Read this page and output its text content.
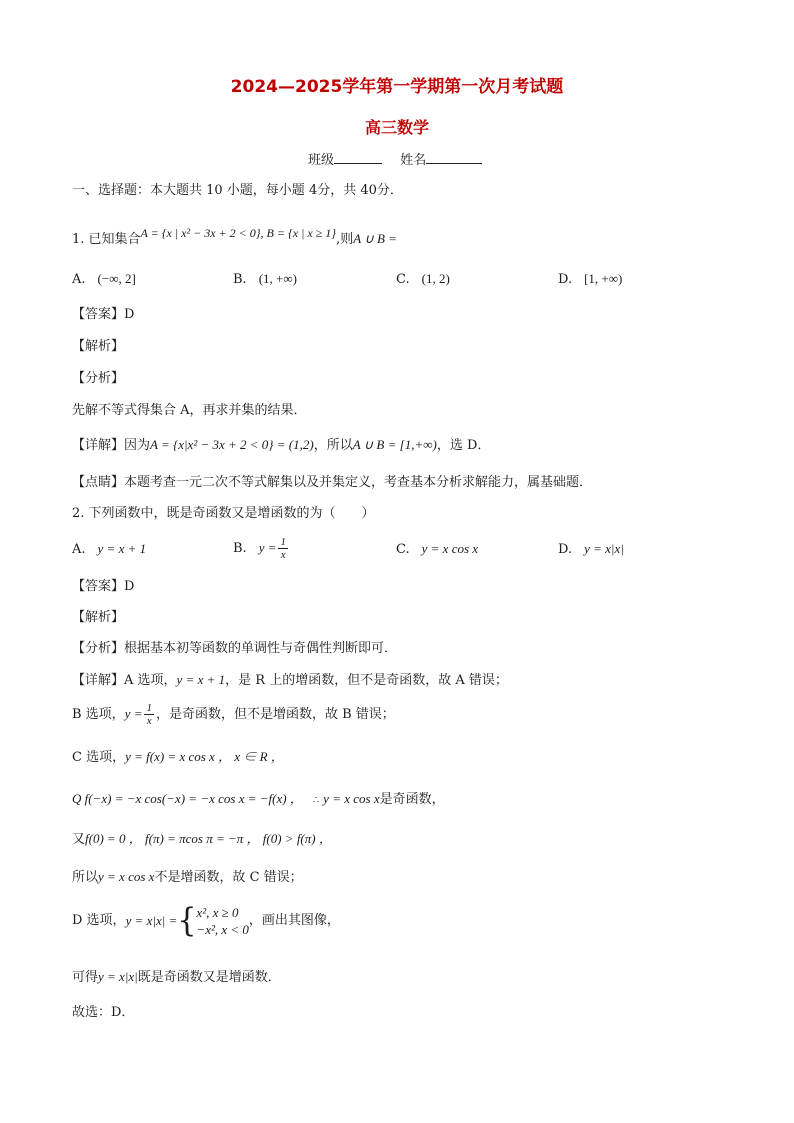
2024—2025学年第一学期第一次月考试题
高三数学
班级	姓名
一、选择题：本大题共 10 小题，每小题 4分，共 40分．
1. 已知集合A = {x | x² − 3x + 2 < 0}, B = {x | x ≥ 1},则A ∪ B =
A. (−∞, 2]	B. (1, +∞)	C. (1, 2)	D. [1, +∞)
【答案】D
【解析】
【分析】
先解不等式得集合 A，再求并集的结果．
【详解】因为A = {x|x² − 3x + 2 < 0} = (1,2)，所以A ∪ B = [1,+∞)，选 D．
【点睛】本题考查一元二次不等式解集以及并集定义，考查基本分析求解能力，属基础题．
2. 下列函数中，既是奇函数又是增函数的为（　　）
A. y = x + 1	B. $y = \frac{1}{x}$	C. y = x cos x	D. y = x|x|
【答案】D
【解析】
【分析】根据基本初等函数的单调性与奇偶性判断即可．
【详解】A 选项，y = x + 1，是 R 上的增函数，但不是奇函数，故 A 错误；
B 选项，$y = \frac{1}{x}$ ，是奇函数，但不是增函数，故 B 错误；
C 选项，y = f(x) = x cos x ， x ∈ R ，
Q f(−x) = −x cos(−x) = −x cos x = −f(x) ， ∴ y = x cos x是奇函数，
又f(0) = 0 ， f(π) = πcos π = −π ， f(0) > f(π) ，
所以y = x cos x不是增函数，故 C 错误；
D 选项， y = x|x| = { x², x ≥ 0
−x², x < 0
，画出其图像，
可得y = x|x|既是奇函数又是增函数．
故选：D．
